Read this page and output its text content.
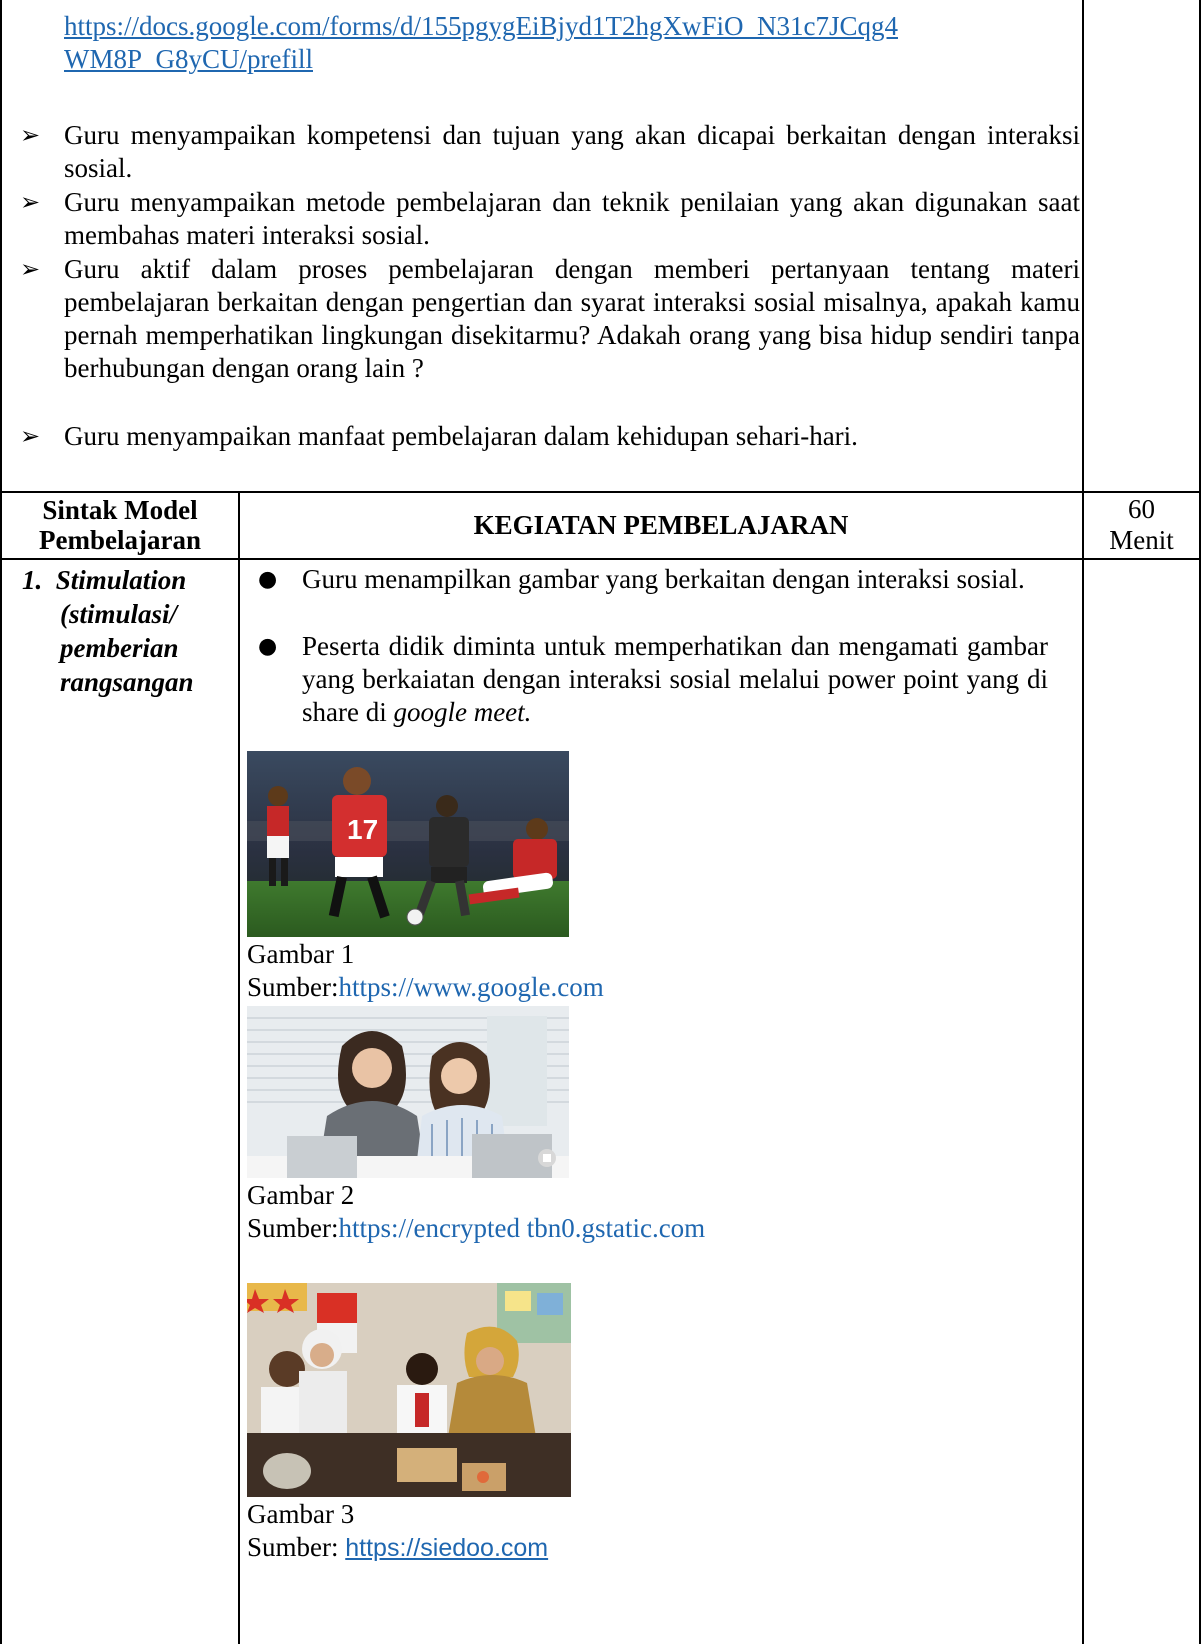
https://docs.google.com/forms/d/155pgygEiBjyd1T2hgXwFiO_N31c7JCqg4
WM8P_G8yCU/prefill
➢ Guru menyampaikan kompetensi dan tujuan yang akan dicapai berkaitan dengan interaksi sosial.
➢ Guru menyampaikan metode pembelajaran dan teknik penilaian yang akan digunakan saat membahas materi interaksi sosial.
➢ Guru aktif dalam proses pembelajaran dengan memberi pertanyaan tentang materi pembelajaran berkaitan dengan pengertian dan syarat interaksi sosial misalnya, apakah kamu pernah memperhatikan lingkungan disekitarmu? Adakah orang yang bisa hidup sendiri tanpa berhubungan dengan orang lain ?
➢ Guru menyampaikan manfaat pembelajaran dalam kehidupan sehari-hari.
Sintak Model
Pembelajaran	KEGIATAN PEMBELAJARAN
60
Menit
1.  Stimulation
(stimulasi/
pemberian
rangsangan
● Guru menampilkan gambar yang berkaitan dengan interaksi sosial.
● Peserta didik diminta untuk memperhatikan dan mengamati gambar yang berkaiatan dengan interaksi sosial melalui power point yang di share di google meet.
17
Gambar 1
Sumber:https://www.google.com
Gambar 2
Sumber:https://encrypted tbn0.gstatic.com
Gambar 3
Sumber: https://siedoo.com
